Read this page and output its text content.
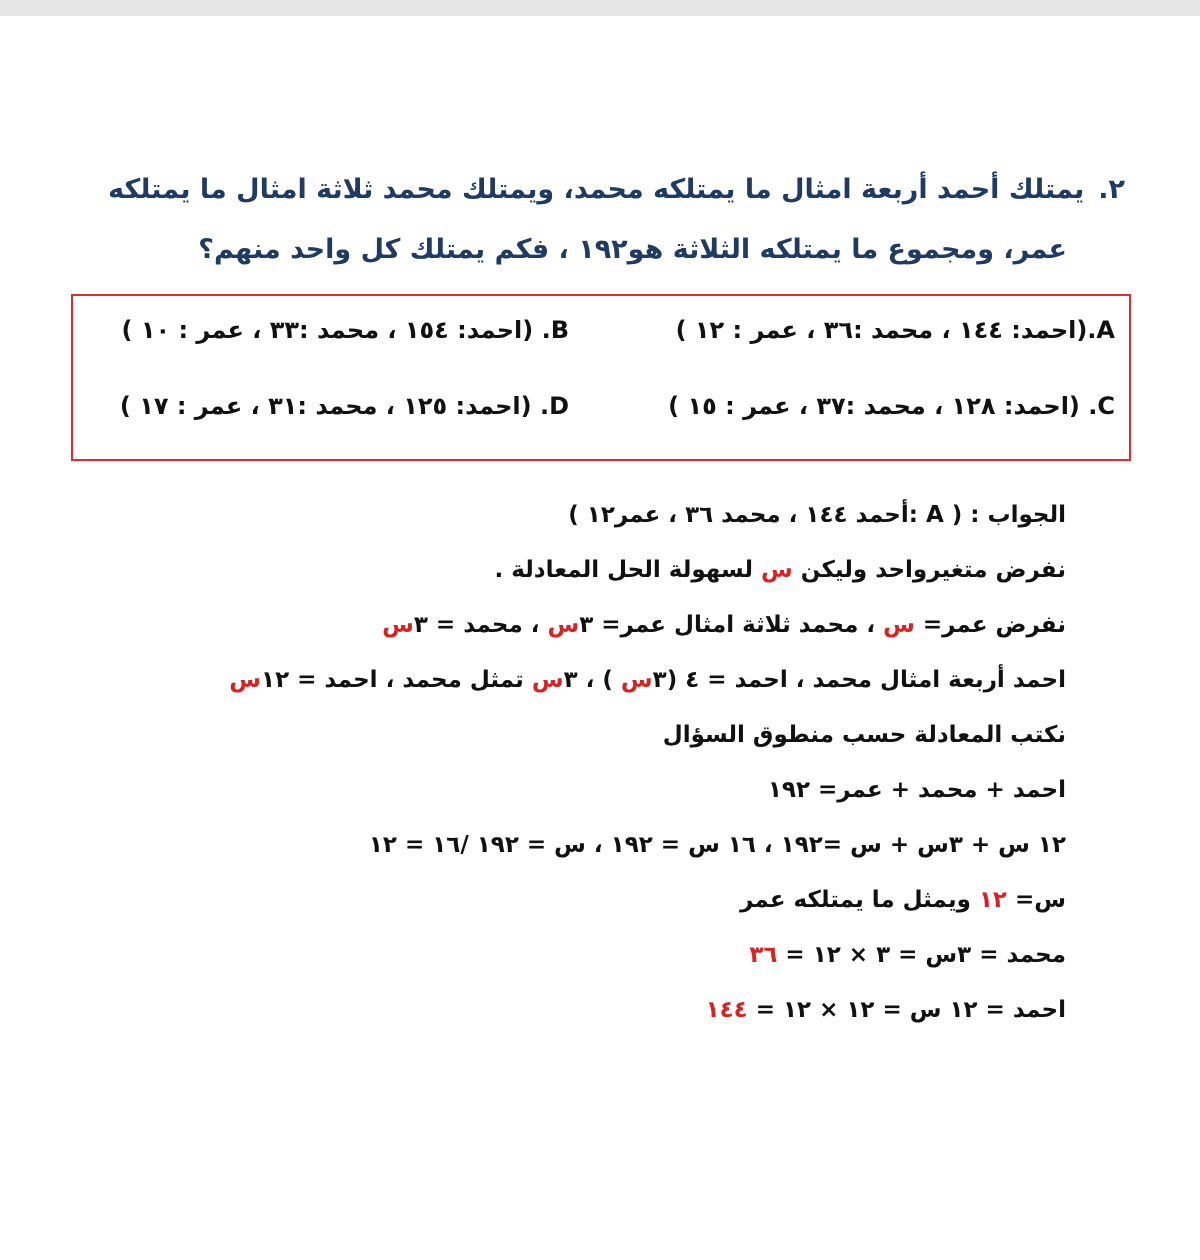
٢.يمتلك أحمد أربعة امثال ما يمتلكه محمد، ويمتلك محمد ثلاثة امثال ما يمتلكه
عمر، ومجموع ما يمتلكه الثلاثة هو١٩٢ ، فكم يمتلك كل واحد منهم؟
A.(احمد: ١٤٤ ، محمد :٣٦ ، عمر : ١٢ )
B. (احمد: ١٥٤ ، محمد :٣٣ ، عمر : ١٠ )
C. (احمد: ١٢٨ ، محمد :٣٧ ، عمر : ١٥ )
D. (احمد: ١٢٥ ، محمد :٣١ ، عمر : ١٧ )
الجواب : ( A :أحمد ١٤٤ ، محمد ٣٦ ، عمر١٢ )
نفرض متغيرواحد وليكن س لسهولة الحل المعادلة .
نفرض عمر= س ، محمد ثلاثة امثال عمر= ٣س ، محمد = ٣س
احمد أربعة امثال محمد ، احمد = ٤ (٣س ) ، ٣س تمثل محمد ، احمد = ١٢س
نكتب المعادلة حسب منطوق السؤال
احمد + محمد + عمر= ١٩٢
١٢ س + ٣س + س =١٩٢ ، ١٦ س = ١٩٢ ، س = ١٩٢ /١٦ = ١٢
س= ١٢ ويمثل ما يمتلكه عمر
محمد = ٣س = ٣ × ١٢ = ٣٦
احمد = ١٢ س = ١٢ × ١٢ = ١٤٤
